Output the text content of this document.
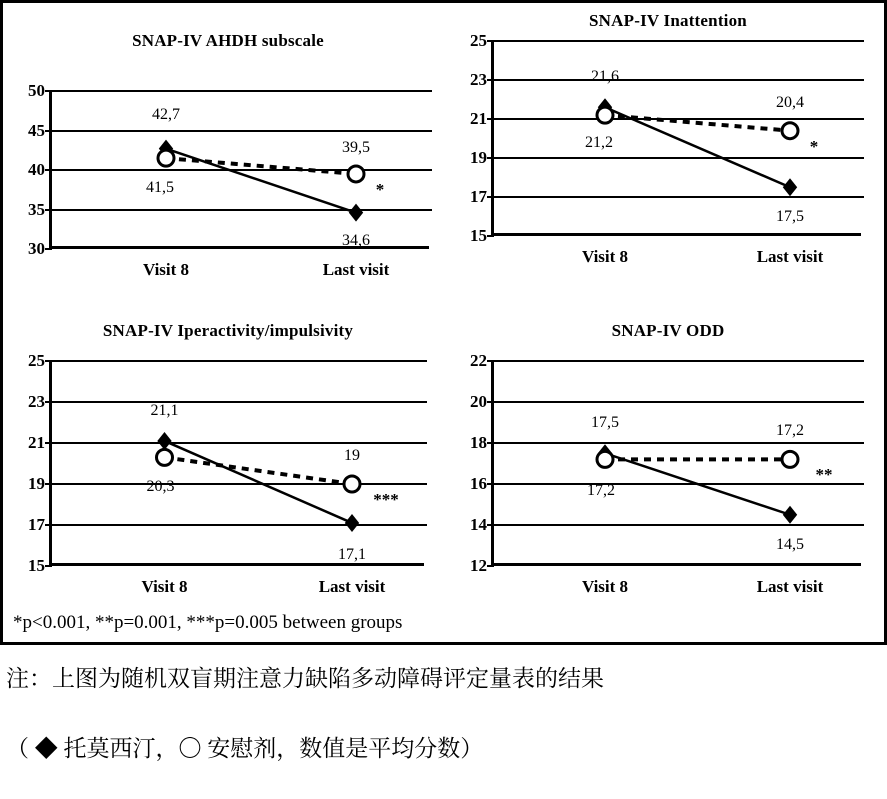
*p<0.001, **p=0.001, ***p=0.005 between groups
SNAP-IV AHDH subscale
30
35
40
45
50
Visit 8	Last visit
42,7
34,6
41,5
39,5
*
SNAP-IV Inattention
15
17
19
21
23
25
Visit 8	Last visit
21,6
17,5
21,2
20,4
*
SNAP-IV Iperactivity/impulsivity
15
17
19
21
23
25
Visit 8	Last visit
21,1
17,1
20,3
19
***
SNAP-IV ODD
12
14
16
18
20
22
Visit 8	Last visit
17,5
14,5
17,2
17,2
**
注：上图为随机双盲期注意力缺陷多动障碍评定量表的结果
（ ◆ 托莫西汀，〇 安慰剂，数值是平均分数）
